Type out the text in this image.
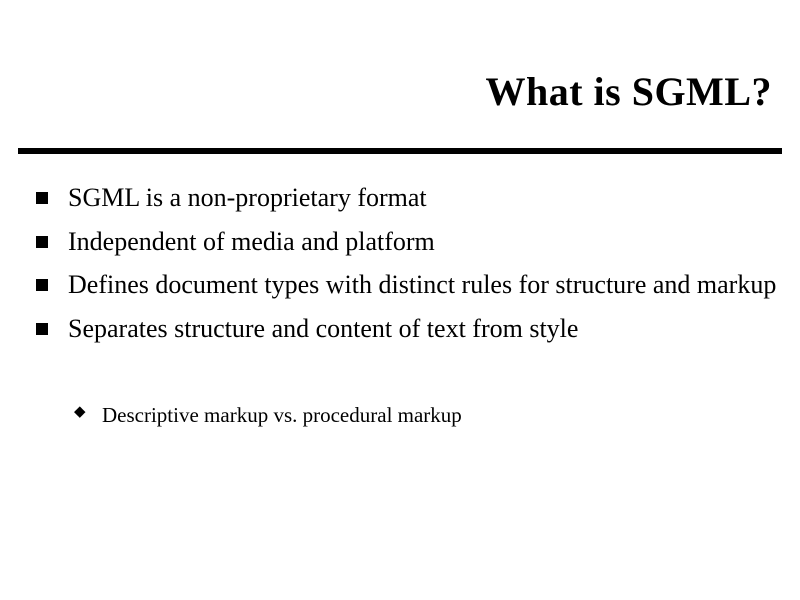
What is SGML?
SGML is a non-proprietary format
Independent of media and platform
Defines document types with distinct rules for structure and markup
Separates structure and content of text from style
◆ Descriptive markup vs. procedural markup
